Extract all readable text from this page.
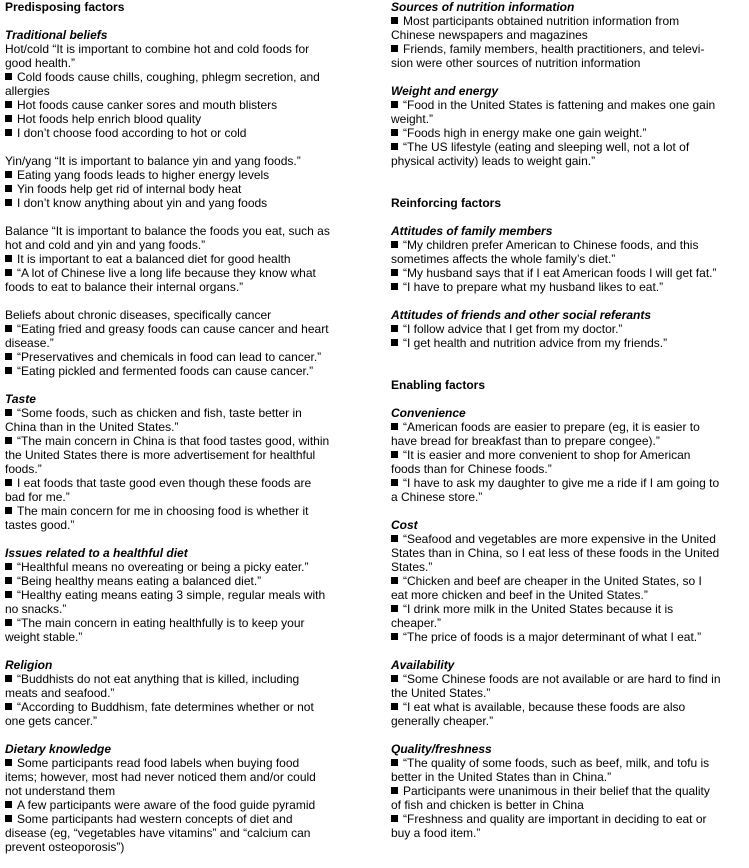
Predisposing factors
Traditional beliefs
Hot/cold “It is important to combine hot and cold foods for
good health.”
Cold foods cause chills, coughing, phlegm secretion, and
allergies
Hot foods cause canker sores and mouth blisters
Hot foods help enrich blood quality
I don’t choose food according to hot or cold
Yin/yang “It is important to balance yin and yang foods.”
Eating yang foods leads to higher energy levels
Yin foods help get rid of internal body heat
I don’t know anything about yin and yang foods
Balance “It is important to balance the foods you eat, such as
hot and cold and yin and yang foods.”
It is important to eat a balanced diet for good health
“A lot of Chinese live a long life because they know what
foods to eat to balance their internal organs.”
Beliefs about chronic diseases, specifically cancer
“Eating fried and greasy foods can cause cancer and heart
disease.”
“Preservatives and chemicals in food can lead to cancer.”
“Eating pickled and fermented foods can cause cancer.”
Taste
“Some foods, such as chicken and fish, taste better in
China than in the United States.”
“The main concern in China is that food tastes good, within
the United States there is more advertisement for healthful
foods.”
I eat foods that taste good even though these foods are
bad for me.”
The main concern for me in choosing food is whether it
tastes good.”
Issues related to a healthful diet
“Healthful means no overeating or being a picky eater.”
“Being healthy means eating a balanced diet.”
“Healthy eating means eating 3 simple, regular meals with
no snacks.”
“The main concern in eating healthfully is to keep your
weight stable.”
Religion
“Buddhists do not eat anything that is killed, including
meats and seafood.”
“According to Buddhism, fate determines whether or not
one gets cancer.”
Dietary knowledge
Some participants read food labels when buying food
items; however, most had never noticed them and/or could
not understand them
A few participants were aware of the food guide pyramid
Some participants had western concepts of diet and
disease (eg, “vegetables have vitamins” and “calcium can
prevent osteoporosis”)
Sources of nutrition information
Most participants obtained nutrition information from
Chinese newspapers and magazines
Friends, family members, health practitioners, and televi-
sion were other sources of nutrition information
Weight and energy
“Food in the United States is fattening and makes one gain
weight.”
“Foods high in energy make one gain weight.”
“The US lifestyle (eating and sleeping well, not a lot of
physical activity) leads to weight gain.”
Reinforcing factors
Attitudes of family members
“My children prefer American to Chinese foods, and this
sometimes affects the whole family’s diet.”
“My husband says that if I eat American foods I will get fat.”
“I have to prepare what my husband likes to eat.”
Attitudes of friends and other social referants
“I follow advice that I get from my doctor.”
“I get health and nutrition advice from my friends.”
Enabling factors
Convenience
“American foods are easier to prepare (eg, it is easier to
have bread for breakfast than to prepare congee).”
“It is easier and more convenient to shop for American
foods than for Chinese foods.”
“I have to ask my daughter to give me a ride if I am going to
a Chinese store.”
Cost
“Seafood and vegetables are more expensive in the United
States than in China, so I eat less of these foods in the United
States.”
“Chicken and beef are cheaper in the United States, so I
eat more chicken and beef in the United States.”
“I drink more milk in the United States because it is
cheaper.”
“The price of foods is a major determinant of what I eat.”
Availability
“Some Chinese foods are not available or are hard to find in
the United States.”
“I eat what is available, because these foods are also
generally cheaper.”
Quality/freshness
“The quality of some foods, such as beef, milk, and tofu is
better in the United States than in China.”
Participants were unanimous in their belief that the quality
of fish and chicken is better in China
“Freshness and quality are important in deciding to eat or
buy a food item.”
